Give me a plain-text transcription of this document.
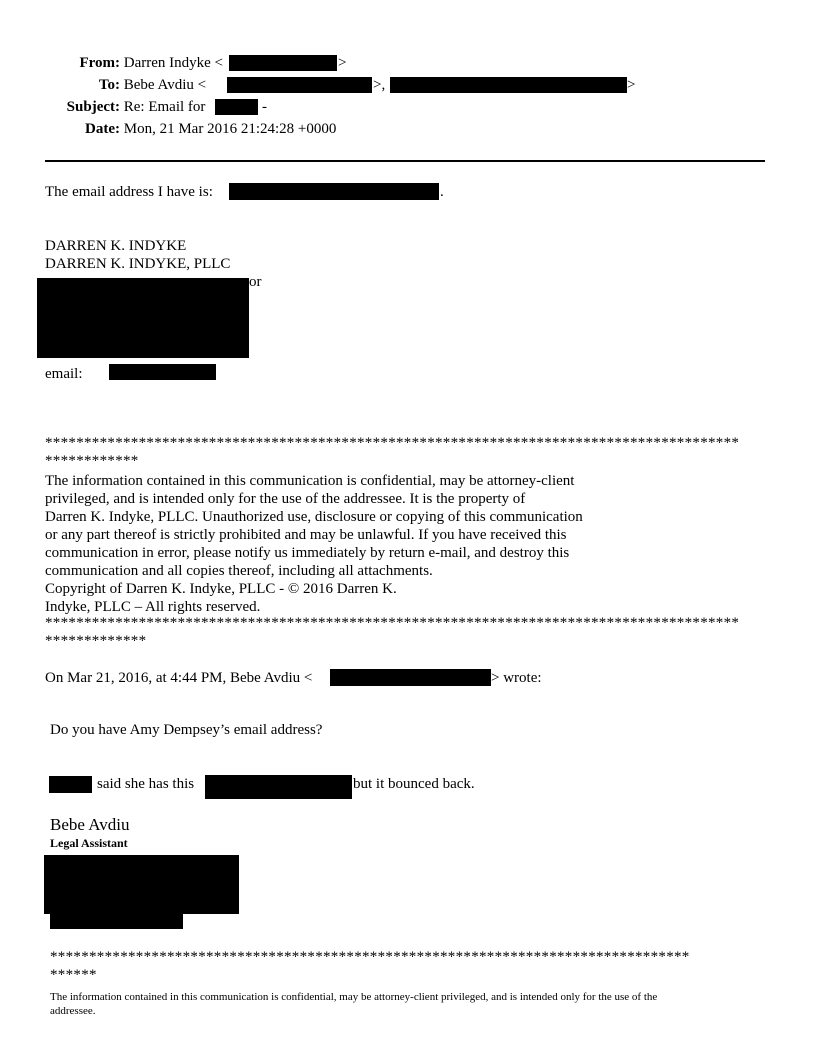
From: Darren Indyke <	>
To: Bebe Avdiu <	>,	>
Subject: Re: Email for	-
Date: Mon, 21 Mar 2016 21:24:28 +0000
The email address I have is:	.
DARREN K. INDYKE
DARREN K. INDYKE, PLLC
or
email:
*****************************************************************************************
************
The information contained in this communication is confidential, may be attorney-client
privileged, and is intended only for the use of the addressee. It is the property of
Darren K. Indyke, PLLC. Unauthorized use, disclosure or copying of this communication
or any part thereof is strictly prohibited and may be unlawful. If you have received this
communication in error, please notify us immediately by return e-mail, and destroy this
communication and all copies thereof, including all attachments.
Copyright of Darren K. Indyke, PLLC - © 2016 Darren K.
Indyke, PLLC – All rights reserved.
*****************************************************************************************
*************
On Mar 21, 2016, at 4:44 PM, Bebe Avdiu <	> wrote:
Do you have Amy Dempsey’s email address?
said she has this	but it bounced back.
Bebe Avdiu
Legal Assistant
**********************************************************************************
******
The information contained in this communication is confidential, may be attorney-client privileged, and is intended only for the use of the
addressee.
